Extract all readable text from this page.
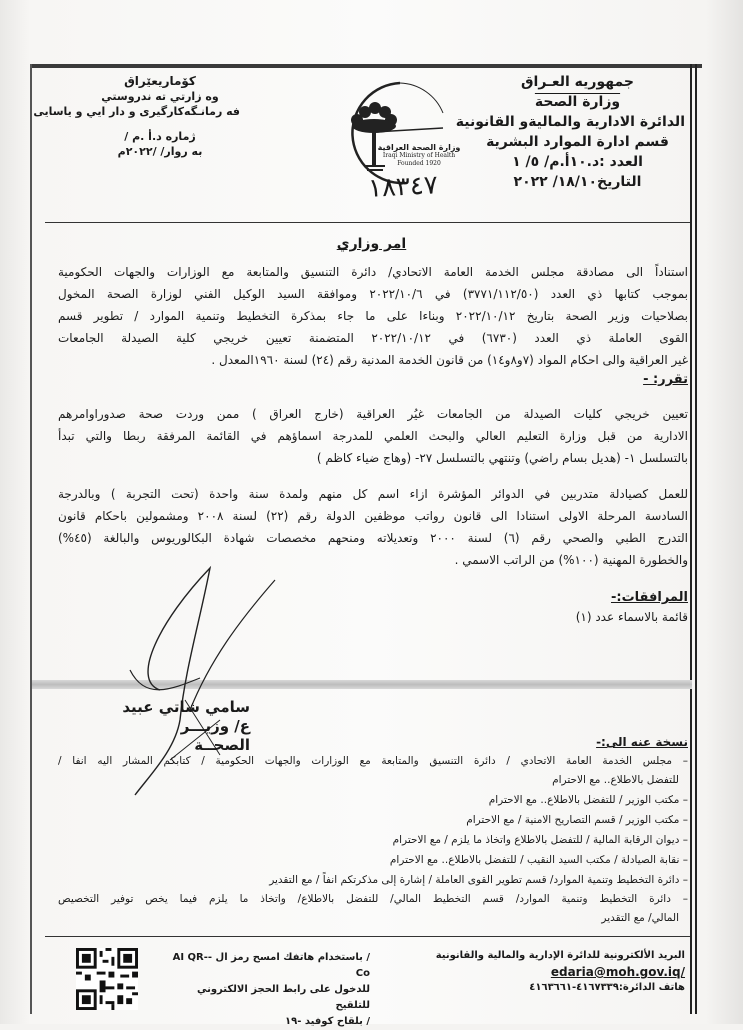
جمهوريه العـراق
وزارة الصحة
الدائرة الادارية والماليةو القانونية
قسم ادارة الموارد البشرية
العدد :د.١٠أ.م/ ٥/ ١
التاريخ١٨/١٠/ ٢٠٢٢
كۆماریعێراق
وه زارتي ته ندروستي
فه رمانـگەكارگیری و دار ایي و یاسایی
ژماره د.أ .م /
به روار/ /٢٠٢٢م	وزارة الصحة العراقية
Iraqi Ministry of Health
Founded 1920
١٨٣٤٧
امر وزاري
استناداً الى مصادقة مجلس الخدمة العامة الاتحادي/ دائرة التنسيق والمتابعة مع الوزارات والجهات الحكومية
بموجب كتابها ذي العدد (٣٧٧١/١١٢/٥٠) في ٢٠٢٢/١٠/٦ وموافقة السيد الوكيل الفني لوزارة الصحة المخول
بصلاحيات وزير الصحة بتاريخ ٢٠٢٢/١٠/١٢ وبناءا على ما جاء بمذكرة التخطيط وتنمية الموارد / تطوير قسم
القوى العاملة ذي العدد (٦٧٣٠) في ٢٠٢٢/١٠/١٢ المتضمنة تعيين خريجي كلية الصيدلة الجامعات
غير العراقية والى احكام المواد (٧و٨و١٤) من قانون الخدمة المدنية رقم (٢٤) لسنة ١٩٦٠المعدل .
تقرر: -
تعيين خريجي كليات الصيدلة من الجامعات غيُر العراقية (خارج العراق ) ممن وردت صحة صدوراوامرهم
الادارية من قبل وزارة التعليم العالي والبحث العلمي للمدرجة اسماؤهم في القائمة المرفقة ربطا والتي تبدأ
بالتسلسل ١- (هديل بسام راضي) وتنتهي بالتسلسل ٢٧- (وهاج ضياء كاظم )
للعمل كصيادلة متدربين في الدوائر المؤشرة ازاء اسم كل منهم ولمدة سنة واحدة (تحت التجربة ) وبالدرجة
السادسة المرحلة الاولى استنادا الى قانون رواتب موظفين الدولة رقم (٢٢) لسنة ٢٠٠٨ ومشمولين باحكام قانون
التدرج الطبي والصحي رقم (٦) لسنة ٢٠٠٠ وتعديلاته ومنحهم مخصصات شهادة البكالوريوس والبالغة (٤٥%)
والخطورة المهنية (١٠٠%) من الراتب الاسمي .
المرافقات:-
قائمة بالاسماء عدد (١)
سامي شاتي عبيد
ع/ وزيـــر الصحــة	نسخة عنه الى:-
– مجلس الخدمة العامة الاتحادي / دائرة التنسيق والمتابعة مع الوزارات والجهات الحكومية / كتابكم المشار اليه انفا /
للتفضل بالاطلاع.. مع الاحترام
– مكتب الوزير / للتفضل بالاطلاع.. مع الاحترام
– مكتب الوزير / قسم التصاريح الامنية / مع الاحترام
– ديوان الرقابة المالية / للتفضل بالاطلاع واتخاذ ما يلزم / مع الاحترام
– نقابة الصيادلة / مكتب السيد النقيب / للتفضل بالاطلاع.. مع الاحترام
– دائرة التخطيط وتنمية الموارد/ قسم تطوير القوى العاملة / إشارة إلى مذكرتكم انفاً / مع التقدير
– دائرة التخطيط وتنمية الموارد/ قسم التخطيط المالي/ للتفضل بالاطلاع/ واتخاذ ما يلزم فيما يخص توفير التخصيص
المالي/ مع التقدير
البريد الألكترونية للدائرة الإدارية والمالية والقانونية
edaria@moh.gov.iq/
هاتف الدائرة:٤١٦٧٣٣٩-٤١٦٣٦٦١
/ باستخدام هاتفك امسح رمز ال -AI QR-Co
للدخول على رابط الحجز الالكتروني للتلقيح
/ بلقاح كوفيد -١٩
